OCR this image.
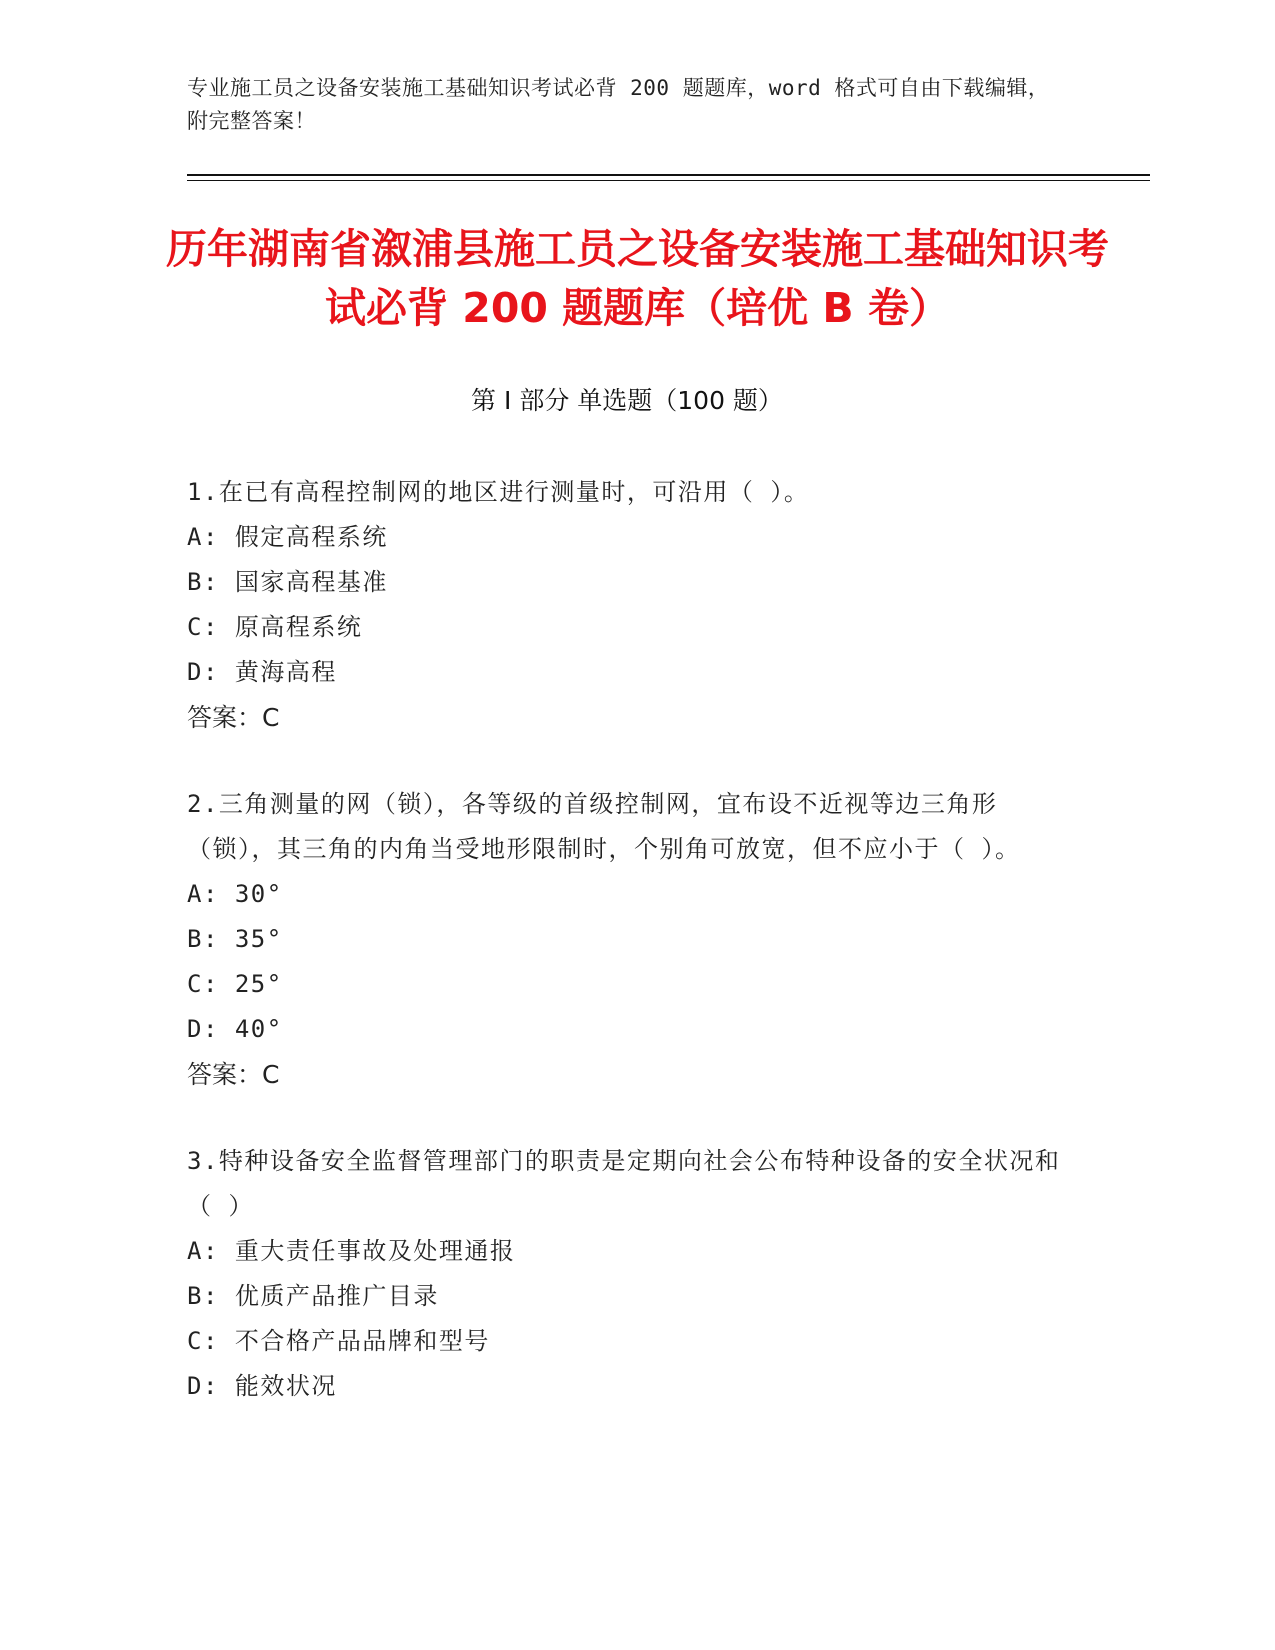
专业施工员之设备安装施工基础知识考试必背 200 题题库，word 格式可自由下载编辑，附完整答案！
历年湖南省溆浦县施工员之设备安装施工基础知识考试必背 200 题题库（培优 B 卷）
第 I 部分 单选题（100 题）
1.在已有高程控制网的地区进行测量时，可沿用（ ）。
A: 假定高程系统
B: 国家高程基准
C: 原高程系统
D: 黄海高程
答案：C
2.三角测量的网（锁），各等级的首级控制网，宜布设不近视等边三角形（锁），其三角的内角当受地形限制时，个别角可放宽，但不应小于（ ）。
A: 30°
B: 35°
C: 25°
D: 40°
答案：C
3.特种设备安全监督管理部门的职责是定期向社会公布特种设备的安全状况和（ ）
A: 重大责任事故及处理通报
B: 优质产品推广目录
C: 不合格产品品牌和型号
D: 能效状况
